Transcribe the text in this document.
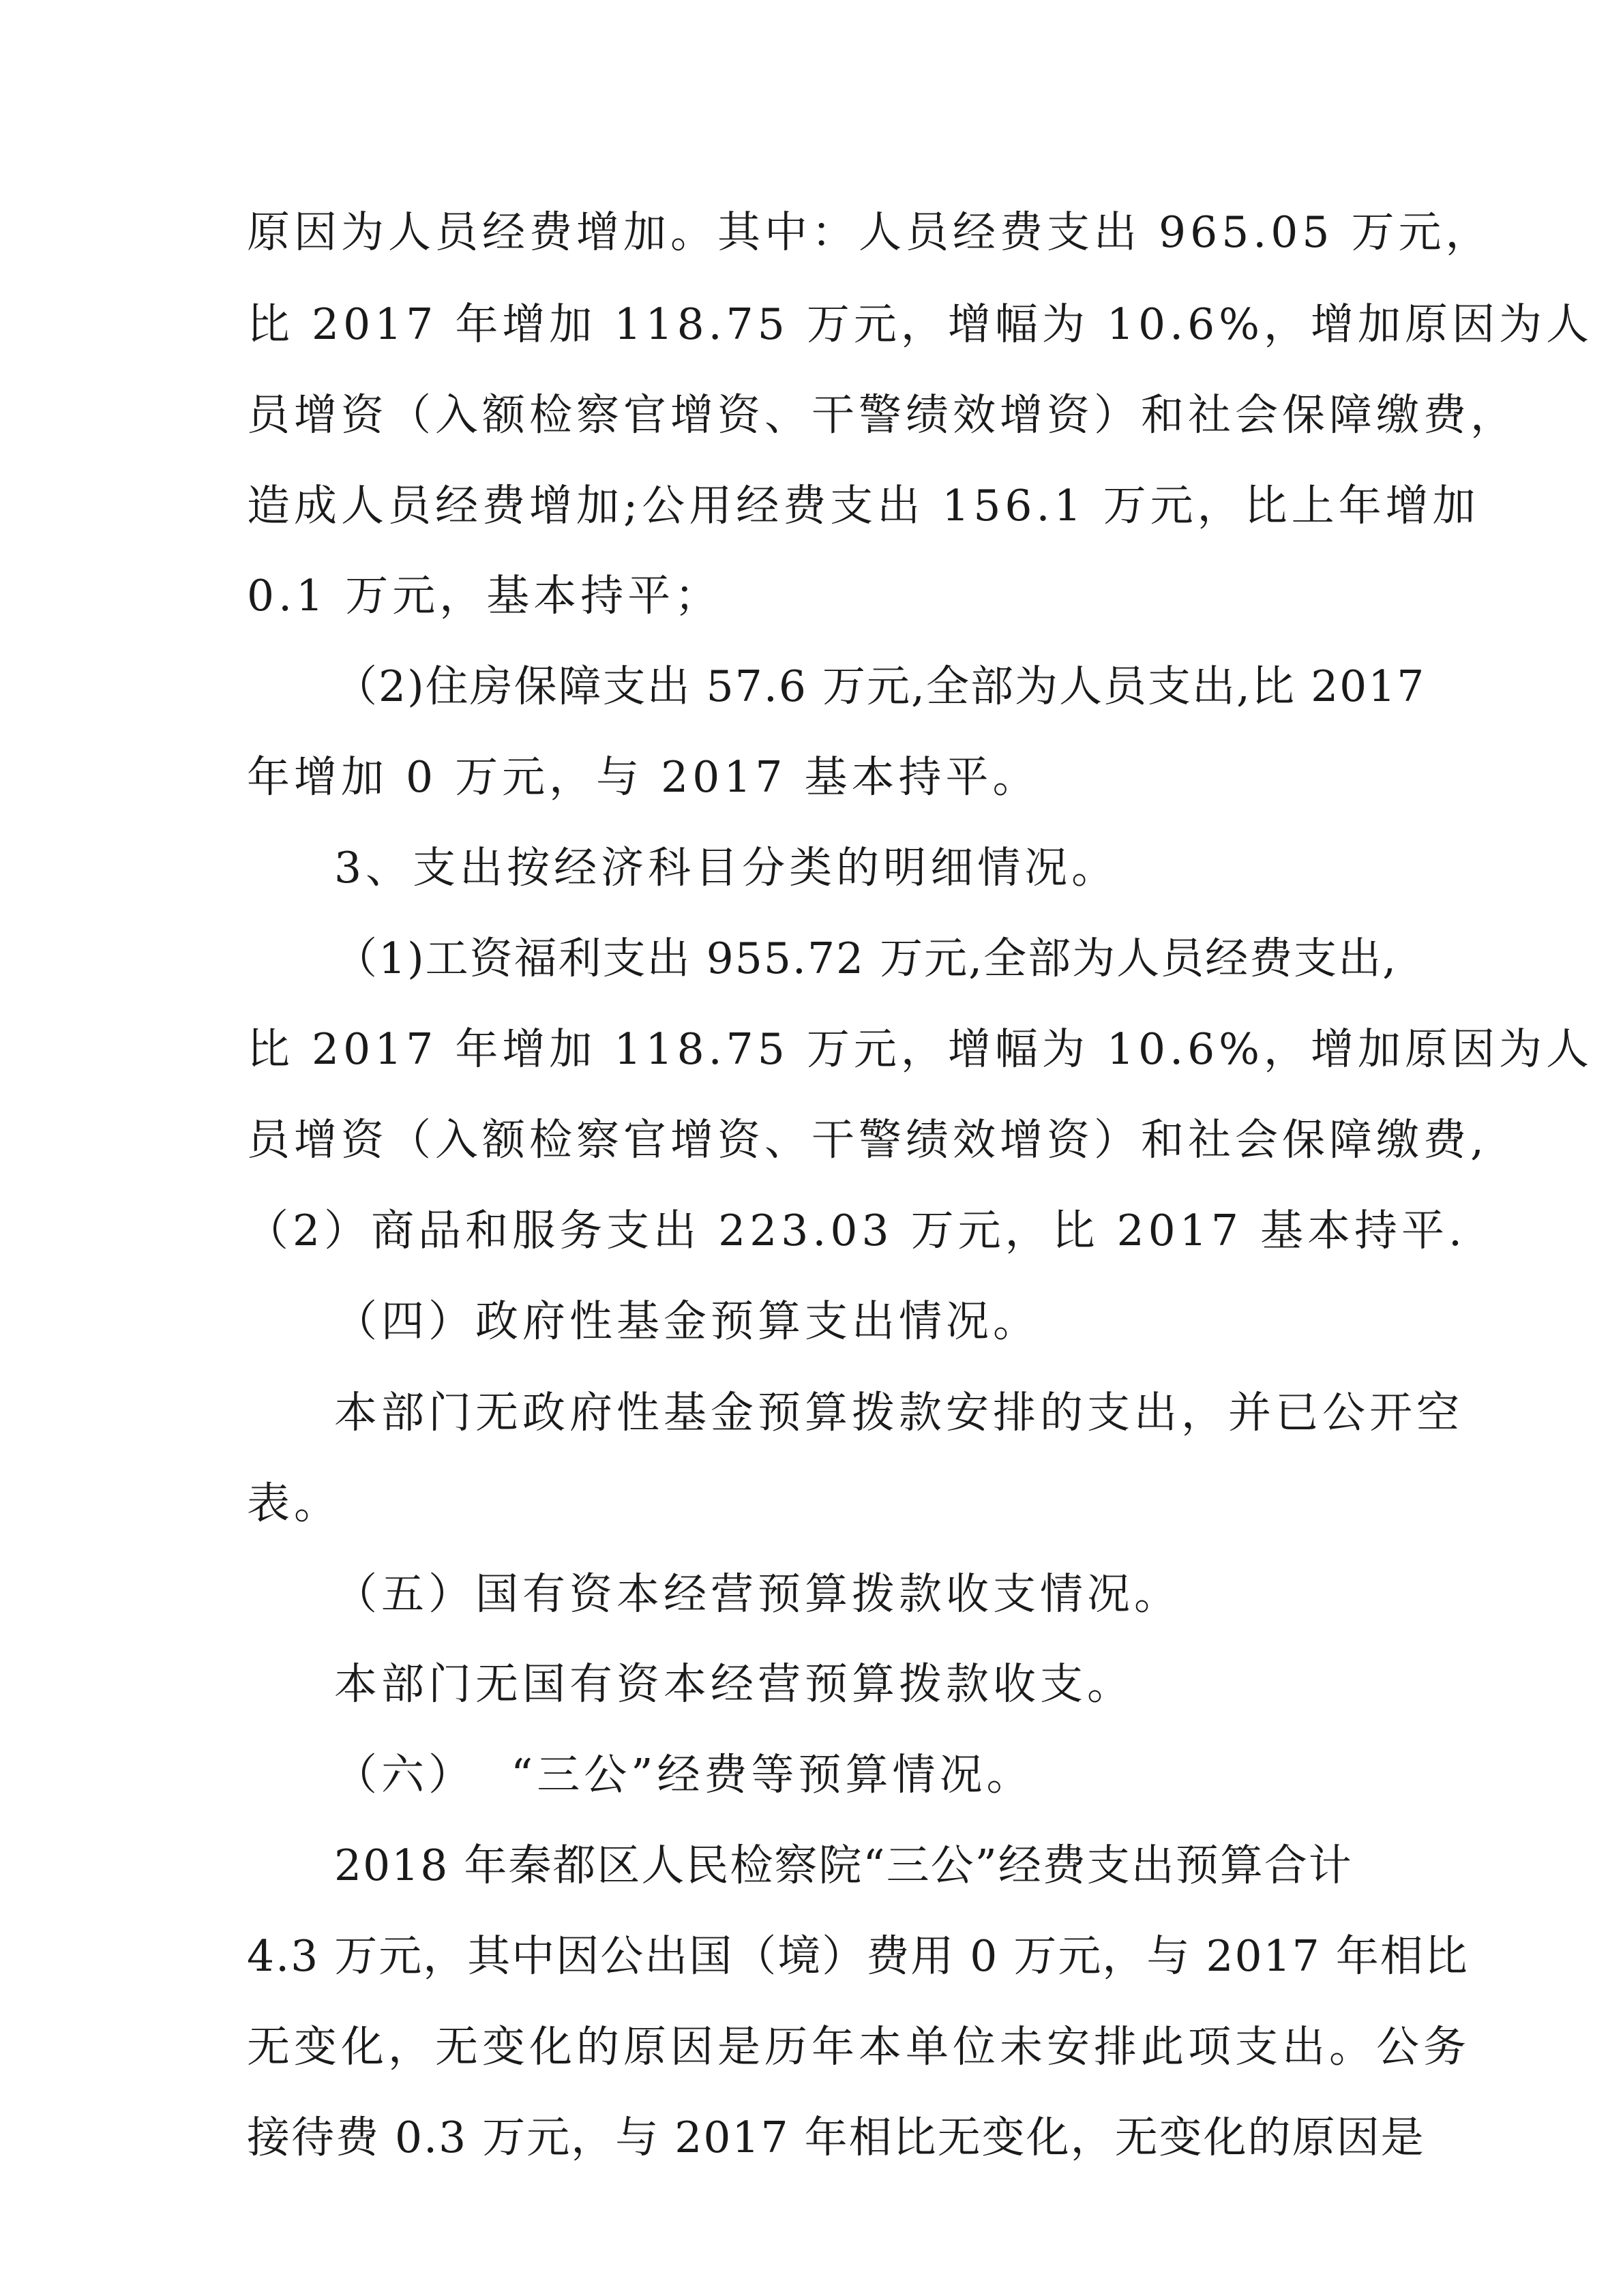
原因为人员经费增加。其中：人员经费支出 965.05 万元，

比 2017 年增加 118.75 万元，增幅为 10.6%，增加原因为人

员增资（入额检察官增资、干警绩效增资）和社会保障缴费，

造成人员经费增加;公用经费支出 156.1 万元，比上年增加

0.1 万元，基本持平；

（2)住房保障支出 57.6 万元,全部为人员支出,比 2017

年增加 0 万元，与 2017 基本持平。

3、支出按经济科目分类的明细情况。

（1)工资福利支出 955.72 万元,全部为人员经费支出,

比 2017 年增加 118.75 万元，增幅为 10.6%，增加原因为人

员增资（入额检察官增资、干警绩效增资）和社会保障缴费,

（2）商品和服务支出 223.03 万元，比 2017 基本持平.

（四）政府性基金预算支出情况。

本部门无政府性基金预算拨款安排的支出，并已公开空

表。

（五）国有资本经营预算拨款收支情况。

本部门无国有资本经营预算拨款收支。

（六）  “三公”经费等预算情况。

2018 年秦都区人民检察院“三公”经费支出预算合计

4.3 万元，其中因公出国（境）费用 0 万元，与 2017 年相比

无变化，无变化的原因是历年本单位未安排此项支出。公务

接待费 0.3 万元，与 2017 年相比无变化，无变化的原因是
